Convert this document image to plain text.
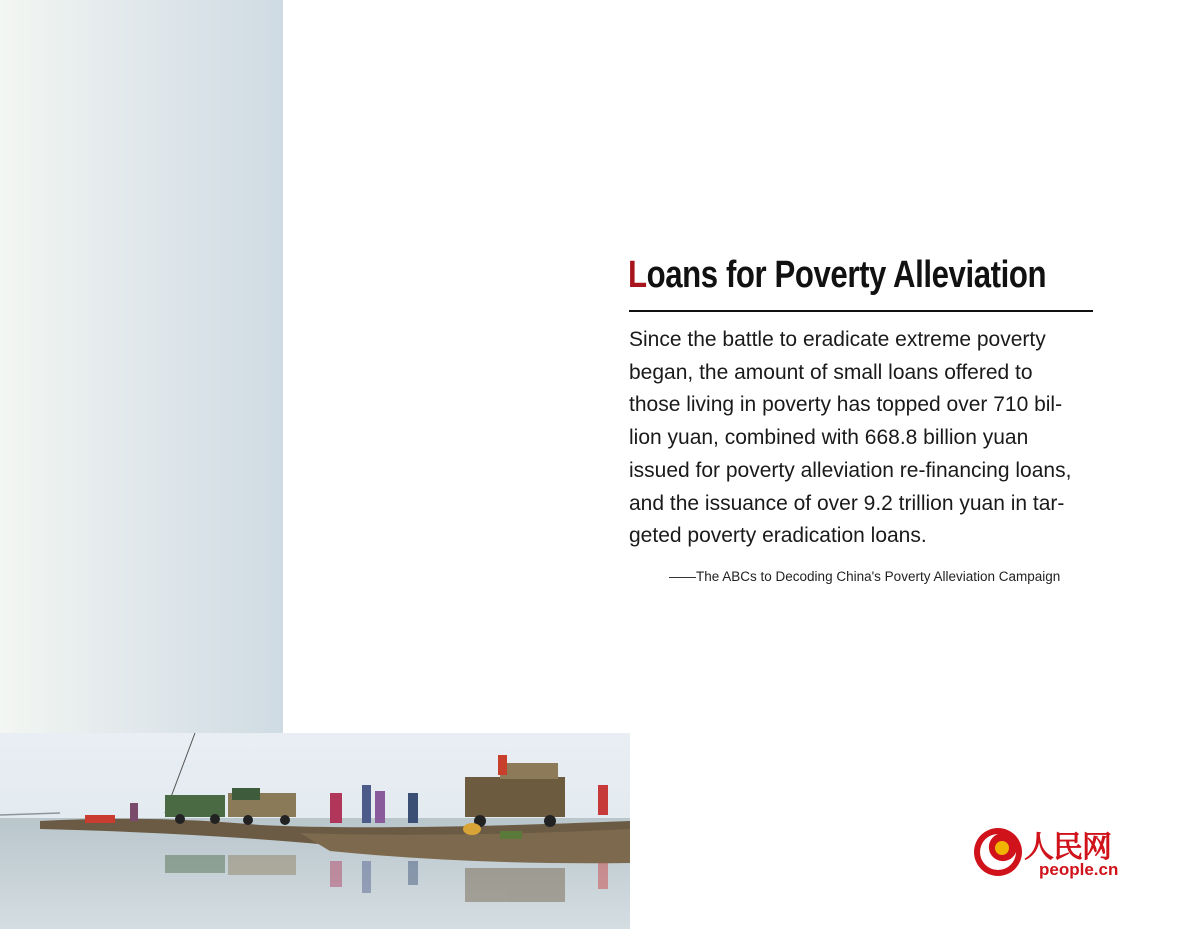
Loans for Poverty Alleviation

Since the battle to eradicate extreme poverty
began, the amount of small loans offered to
those living in poverty has topped over 710 bil-
lion yuan, combined with 668.8 billion yuan
issued for poverty alleviation re-financing loans,
and the issuance of over 9.2 trillion yuan in tar-
geted poverty eradication loans.

——The ABCs to Decoding China's Poverty Alleviation Campaign

人民网
people.cn
